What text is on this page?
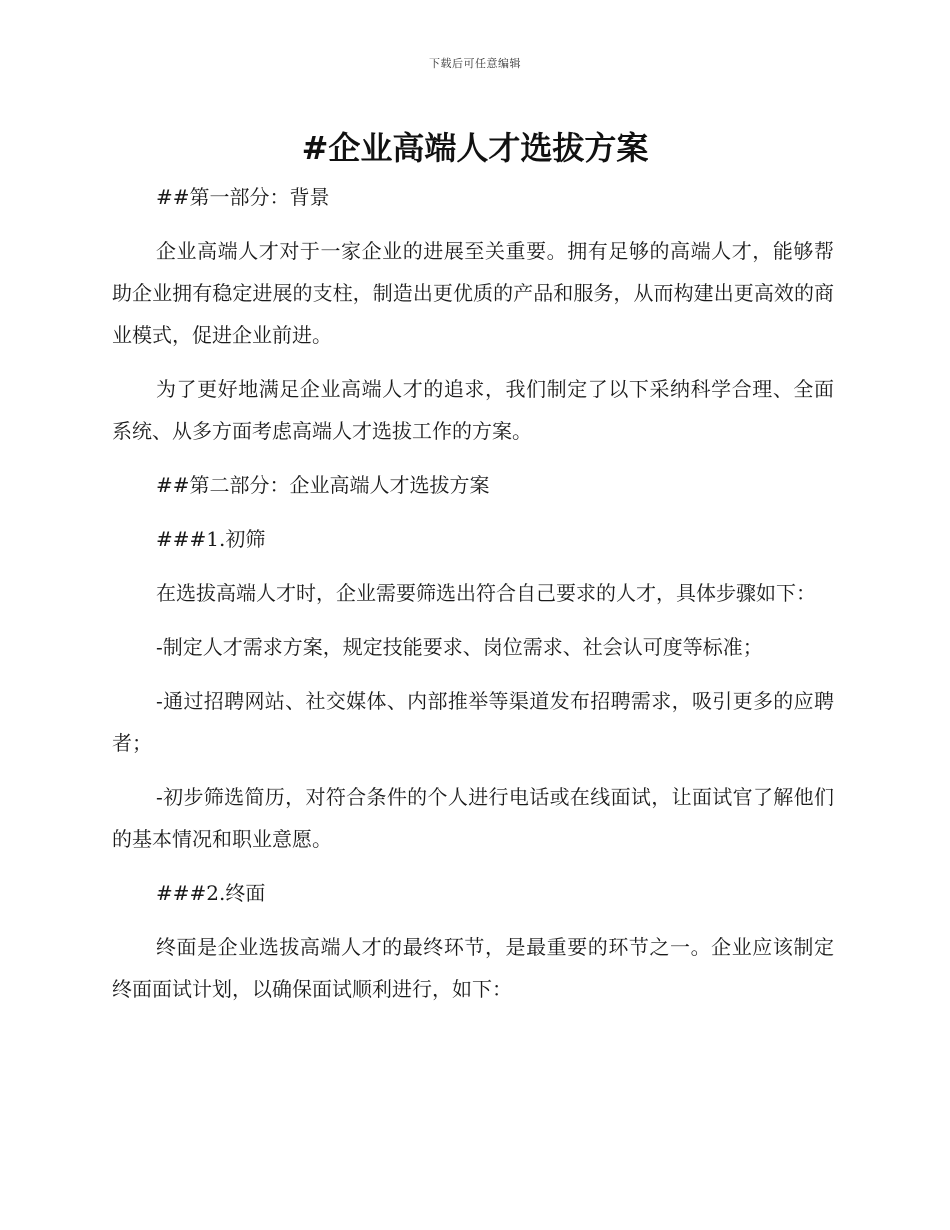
下载后可任意编辑
#企业高端人才选拔方案

##第一部分：背景

企业高端人才对于一家企业的进展至关重要。拥有足够的高端人才，能够帮助企业拥有稳定进展的支柱，制造出更优质的产品和服务，从而构建出更高效的商业模式，促进企业前进。

为了更好地满足企业高端人才的追求，我们制定了以下采纳科学合理、全面系统、从多方面考虑高端人才选拔工作的方案。

##第二部分：企业高端人才选拔方案

###1.初筛

在选拔高端人才时，企业需要筛选出符合自己要求的人才，具体步骤如下：

-制定人才需求方案，规定技能要求、岗位需求、社会认可度等标准；

-通过招聘网站、社交媒体、内部推举等渠道发布招聘需求，吸引更多的应聘者；

-初步筛选简历，对符合条件的个人进行电话或在线面试，让面试官了解他们的基本情况和职业意愿。

###2.终面

终面是企业选拔高端人才的最终环节，是最重要的环节之一。企业应该制定终面面试计划，以确保面试顺利进行，如下：
